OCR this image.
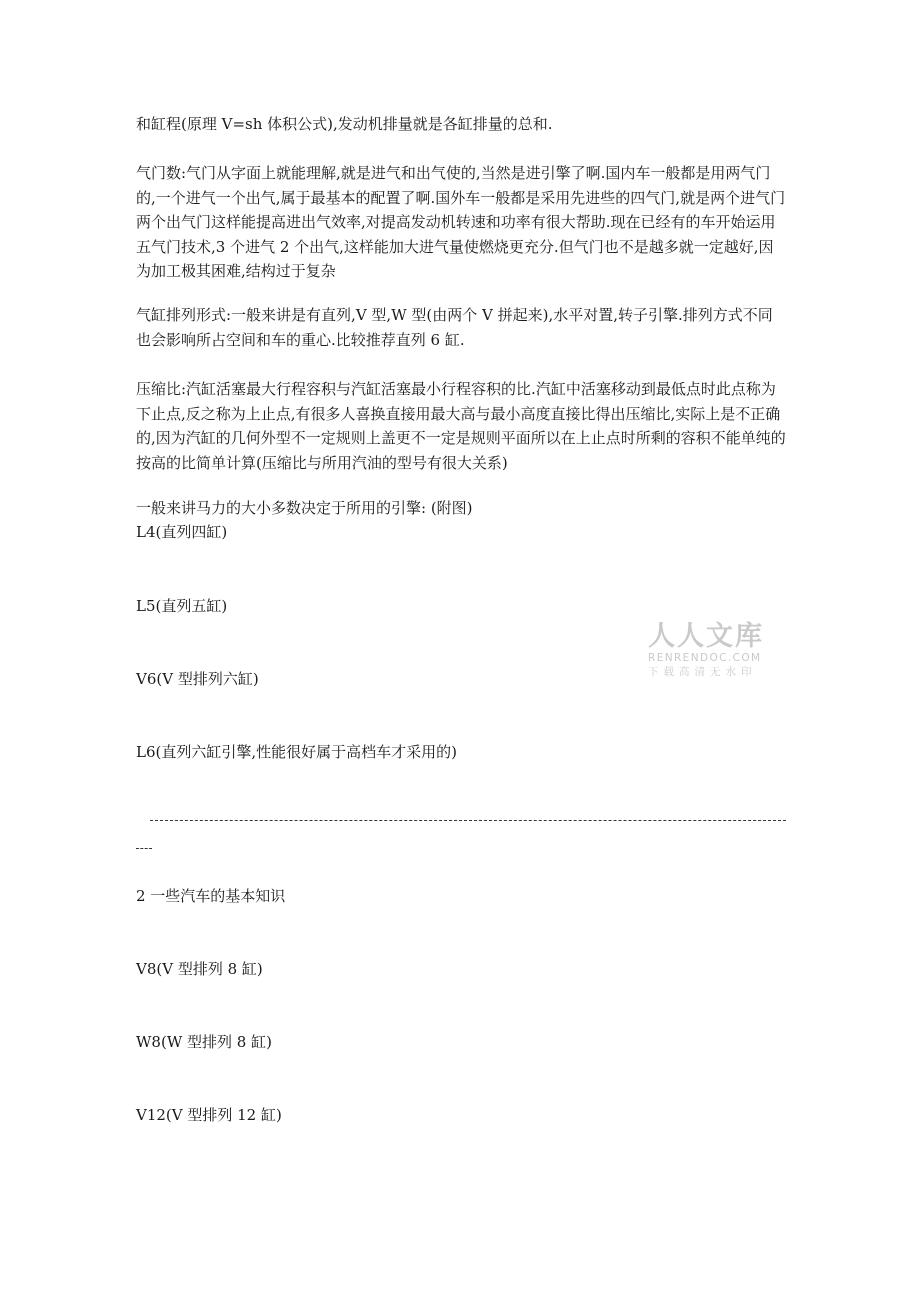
和缸程(原理 V=sh 体积公式),发动机排量就是各缸排量的总和.

气门数:气门从字面上就能理解,就是进气和出气使的,当然是进引擎了啊.国内车一般都是用两气门的,一个进气一个出气,属于最基本的配置了啊.国外车一般都是采用先进些的四气门,就是两个进气门两个出气门这样能提高进出气效率,对提高发动机转速和功率有很大帮助.现在已经有的车开始运用五气门技术,3 个进气 2 个出气,这样能加大进气量使燃烧更充分.但气门也不是越多就一定越好,因为加工极其困难,结构过于复杂

气缸排列形式:一般来讲是有直列,V 型,W 型(由两个 V 拼起来),水平对置,转子引擎.排列方式不同也会影响所占空间和车的重心.比较推荐直列 6 缸.

压缩比:汽缸活塞最大行程容积与汽缸活塞最小行程容积的比.汽缸中活塞移动到最低点时此点称为下止点,反之称为上止点,有很多人喜换直接用最大高与最小高度直接比得出压缩比,实际上是不正确的,因为汽缸的几何外型不一定规则上盖更不一定是规则平面所以在上止点时所剩的容积不能单纯的按高的比简单计算(压缩比与所用汽油的型号有很大关系)

一般来讲马力的大小多数决定于所用的引擎: (附图)

L4(直列四缸)

L5(直列五缸)

V6(V 型排列六缸)

L6(直列六缸引擎,性能很好属于高档车才采用的)

2 一些汽车的基本知识

V8(V 型排列 8 缸)

W8(W 型排列 8 缸)

V12(V 型排列 12 缸)

人人文库
RENRENDOC.COM
下载高清无水印
